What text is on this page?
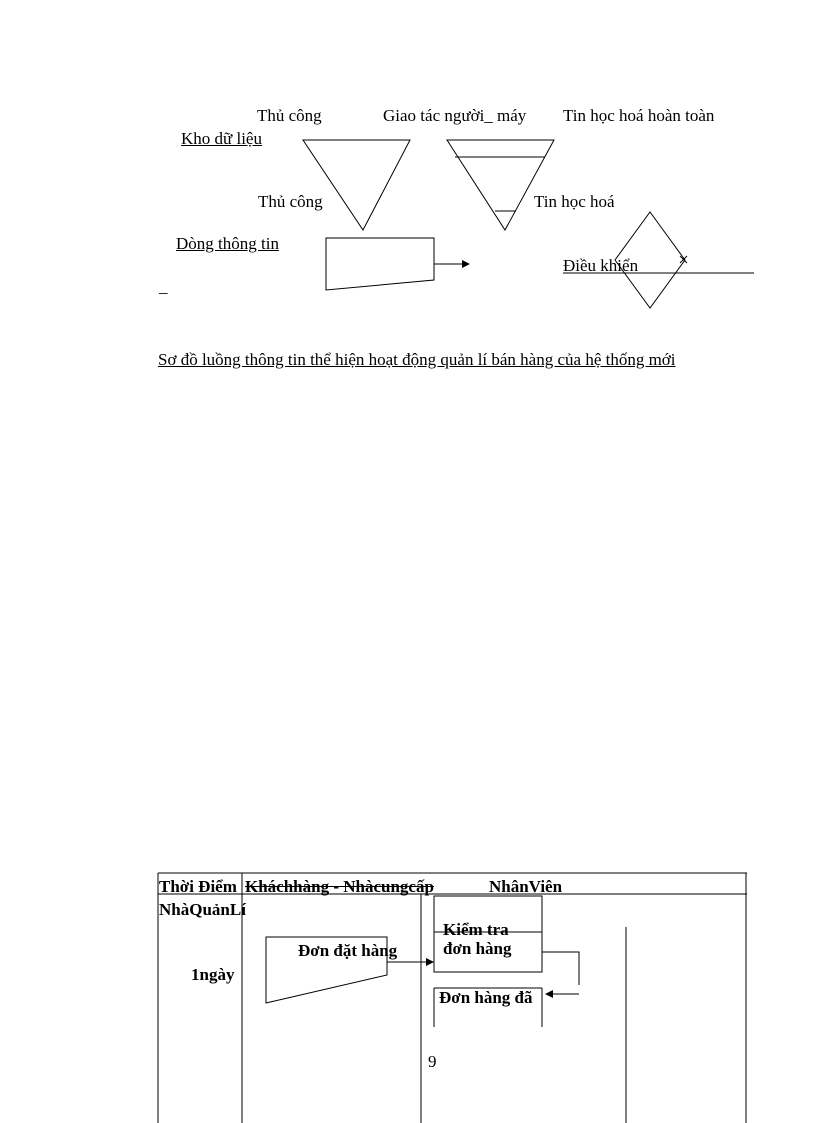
Thủ công	Giao tác người_ máy Tin học hoá hoàn toàn
Kho dữ liệu
Thủ công	Tin học hoá
Dòng thông tin
Điều khiển
_
Sơ đồ luồng thông tin thể hiện hoạt động quản lí bán hàng của hệ thống mới
Thời Điểm Kháchhàng - Nhàcungcấp	NhânViên
NhàQuảnLí
1ngày
Đơn đặt hàng
Kiểm tra
đơn hàng
Đơn hàng đã
9
